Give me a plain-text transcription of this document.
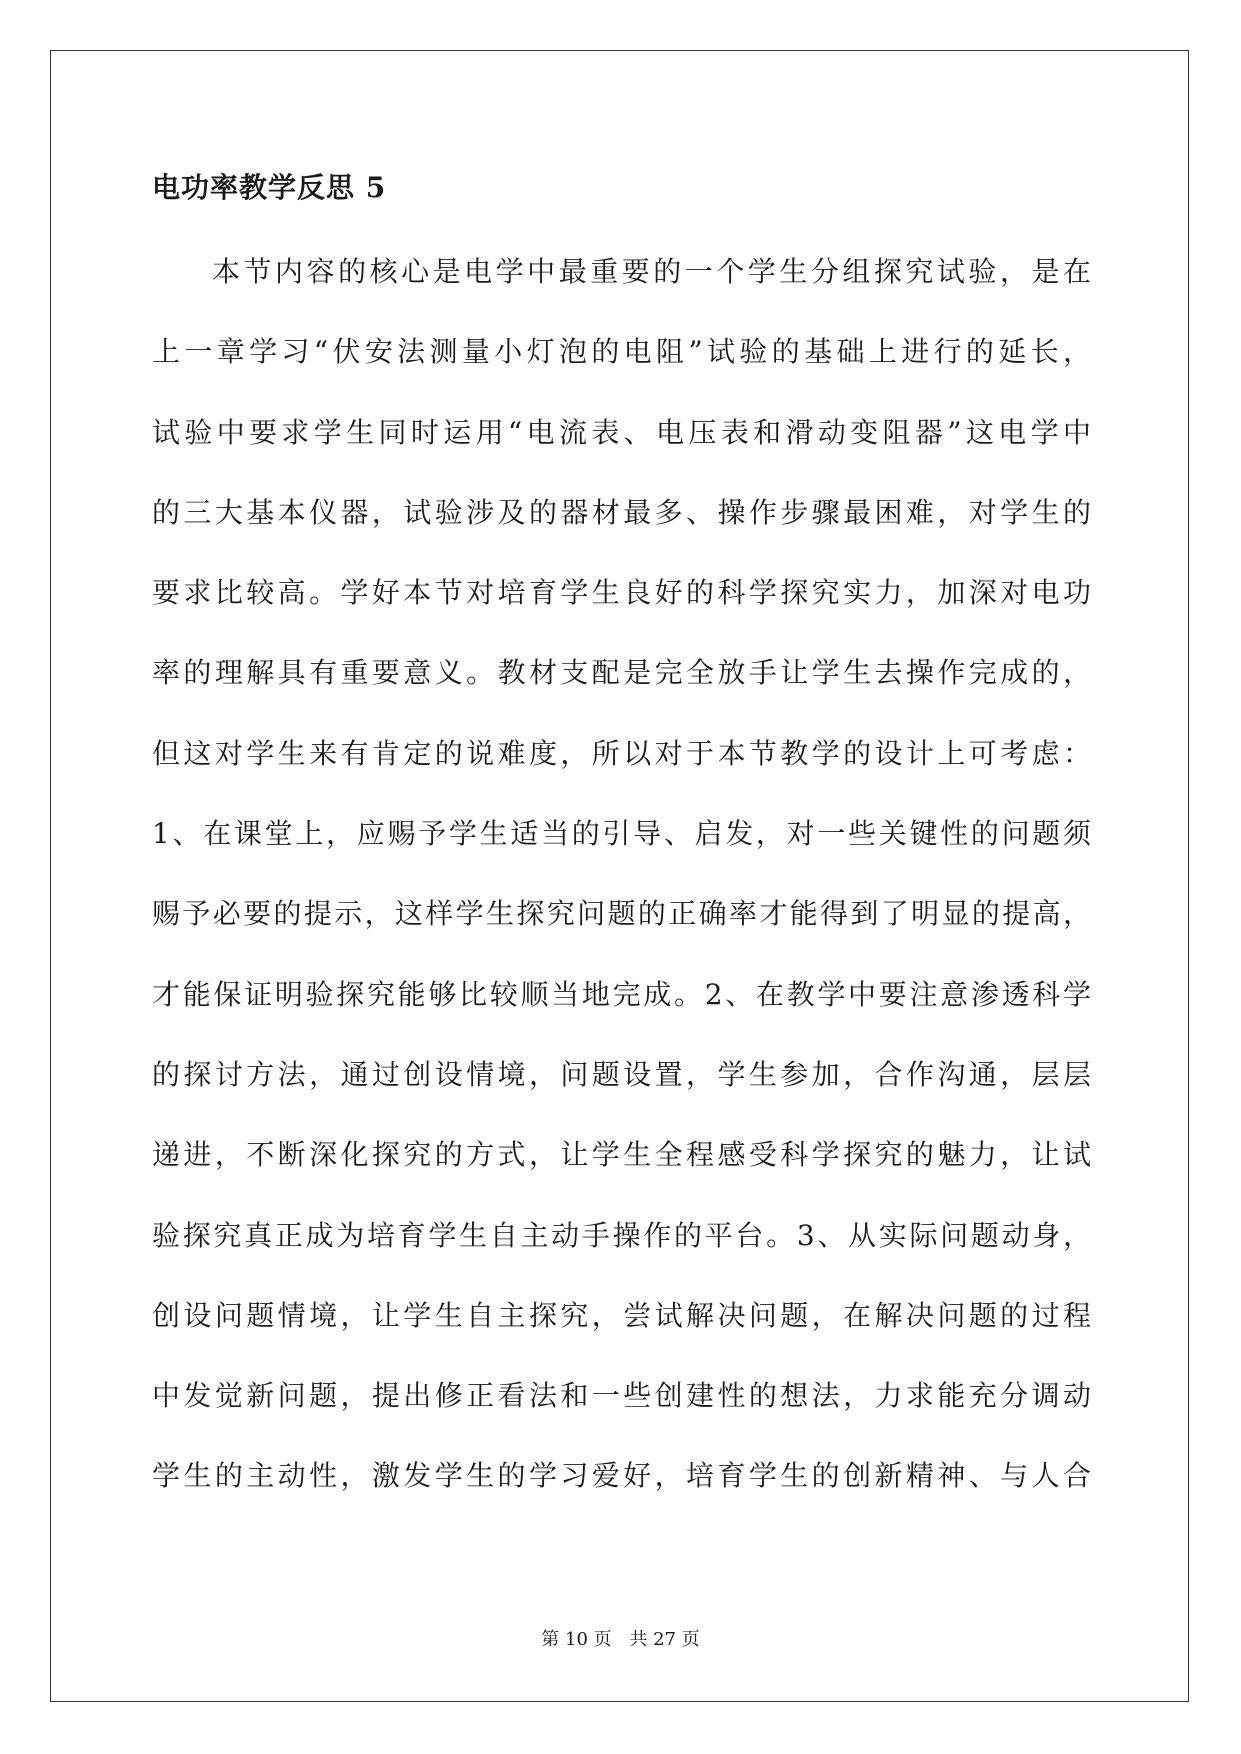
电功率教学反思 5
本节内容的核心是电学中最重要的一个学生分组探究试验，是在
上一章学习“伏安法测量小灯泡的电阻”试验的基础上进行的延长，
试验中要求学生同时运用“电流表、电压表和滑动变阻器”这电学中
的三大基本仪器，试验涉及的器材最多、操作步骤最困难，对学生的
要求比较高。学好本节对培育学生良好的科学探究实力，加深对电功
率的理解具有重要意义。教材支配是完全放手让学生去操作完成的，
但这对学生来有肯定的说难度，所以对于本节教学的设计上可考虑：
1、在课堂上，应赐予学生适当的引导、启发，对一些关键性的问题须
赐予必要的提示，这样学生探究问题的正确率才能得到了明显的提高，
才能保证明验探究能够比较顺当地完成。2、在教学中要注意渗透科学
的探讨方法，通过创设情境，问题设置，学生参加，合作沟通，层层
递进，不断深化探究的方式，让学生全程感受科学探究的魅力，让试
验探究真正成为培育学生自主动手操作的平台。3、从实际问题动身，
创设问题情境，让学生自主探究，尝试解决问题，在解决问题的过程
中发觉新问题，提出修正看法和一些创建性的想法，力求能充分调动
学生的主动性，激发学生的学习爱好，培育学生的创新精神、与人合
第 10 页 共 27 页
